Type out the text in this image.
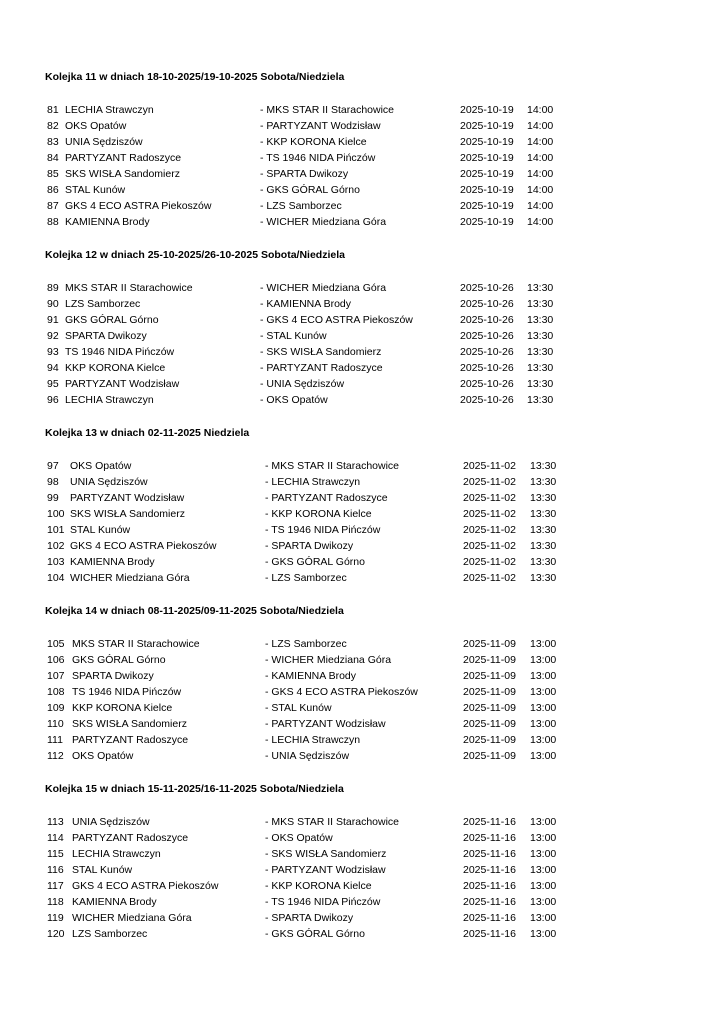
Kolejka 11 w dniach 18-10-2025/19-10-2025 Sobota/Niedziela
81 LECHIA Strawczyn	- MKS STAR II Starachowice	2025-10-19 14:00
82 OKS Opatów	- PARTYZANT Wodzisław	2025-10-19 14:00
83 UNIA Sędziszów	- KKP KORONA Kielce	2025-10-19 14:00
84 PARTYZANT Radoszyce	- TS 1946 NIDA Pińczów	2025-10-19 14:00
85 SKS WISŁA Sandomierz	- SPARTA Dwikozy	2025-10-19 14:00
86 STAL Kunów	- GKS GÓRAL Górno	2025-10-19 14:00
87 GKS 4 ECO ASTRA Piekoszów	- LZS Samborzec	2025-10-19 14:00
88 KAMIENNA Brody	- WICHER Miedziana Góra	2025-10-19 14:00
Kolejka 12 w dniach 25-10-2025/26-10-2025 Sobota/Niedziela
89 MKS STAR II Starachowice	- WICHER Miedziana Góra	2025-10-26 13:30
90 LZS Samborzec	- KAMIENNA Brody	2025-10-26 13:30
91 GKS GÓRAL Górno	- GKS 4 ECO ASTRA Piekoszów	2025-10-26 13:30
92 SPARTA Dwikozy	- STAL Kunów	2025-10-26 13:30
93 TS 1946 NIDA Pińczów	- SKS WISŁA Sandomierz	2025-10-26 13:30
94 KKP KORONA Kielce	- PARTYZANT Radoszyce	2025-10-26 13:30
95 PARTYZANT Wodzisław	- UNIA Sędziszów	2025-10-26 13:30
96 LECHIA Strawczyn	- OKS Opatów	2025-10-26 13:30
Kolejka 13 w dniach 02-11-2025 Niedziela
97 OKS Opatów	- MKS STAR II Starachowice	2025-11-02 13:30
98 UNIA Sędziszów	- LECHIA Strawczyn	2025-11-02 13:30
99 PARTYZANT Wodzisław	- PARTYZANT Radoszyce	2025-11-02 13:30
100 SKS WISŁA Sandomierz	- KKP KORONA Kielce	2025-11-02 13:30
101 STAL Kunów	- TS 1946 NIDA Pińczów	2025-11-02 13:30
102 GKS 4 ECO ASTRA Piekoszów	- SPARTA Dwikozy	2025-11-02 13:30
103 KAMIENNA Brody	- GKS GÓRAL Górno	2025-11-02 13:30
104 WICHER Miedziana Góra	- LZS Samborzec	2025-11-02 13:30
Kolejka 14 w dniach 08-11-2025/09-11-2025 Sobota/Niedziela
105 MKS STAR II Starachowice	- LZS Samborzec	2025-11-09 13:00
106 GKS GÓRAL Górno	- WICHER Miedziana Góra	2025-11-09 13:00
107 SPARTA Dwikozy	- KAMIENNA Brody	2025-11-09 13:00
108 TS 1946 NIDA Pińczów	- GKS 4 ECO ASTRA Piekoszów	2025-11-09 13:00
109 KKP KORONA Kielce	- STAL Kunów	2025-11-09 13:00
110 SKS WISŁA Sandomierz	- PARTYZANT Wodzisław	2025-11-09 13:00
111 PARTYZANT Radoszyce	- LECHIA Strawczyn	2025-11-09 13:00
112 OKS Opatów	- UNIA Sędziszów	2025-11-09 13:00
Kolejka 15 w dniach 15-11-2025/16-11-2025 Sobota/Niedziela
113 UNIA Sędziszów	- MKS STAR II Starachowice	2025-11-16 13:00
114 PARTYZANT Radoszyce	- OKS Opatów	2025-11-16 13:00
115 LECHIA Strawczyn	- SKS WISŁA Sandomierz	2025-11-16 13:00
116 STAL Kunów	- PARTYZANT Wodzisław	2025-11-16 13:00
117 GKS 4 ECO ASTRA Piekoszów	- KKP KORONA Kielce	2025-11-16 13:00
118 KAMIENNA Brody	- TS 1946 NIDA Pińczów	2025-11-16 13:00
119 WICHER Miedziana Góra	- SPARTA Dwikozy	2025-11-16 13:00
120 LZS Samborzec	- GKS GÓRAL Górno	2025-11-16 13:00
